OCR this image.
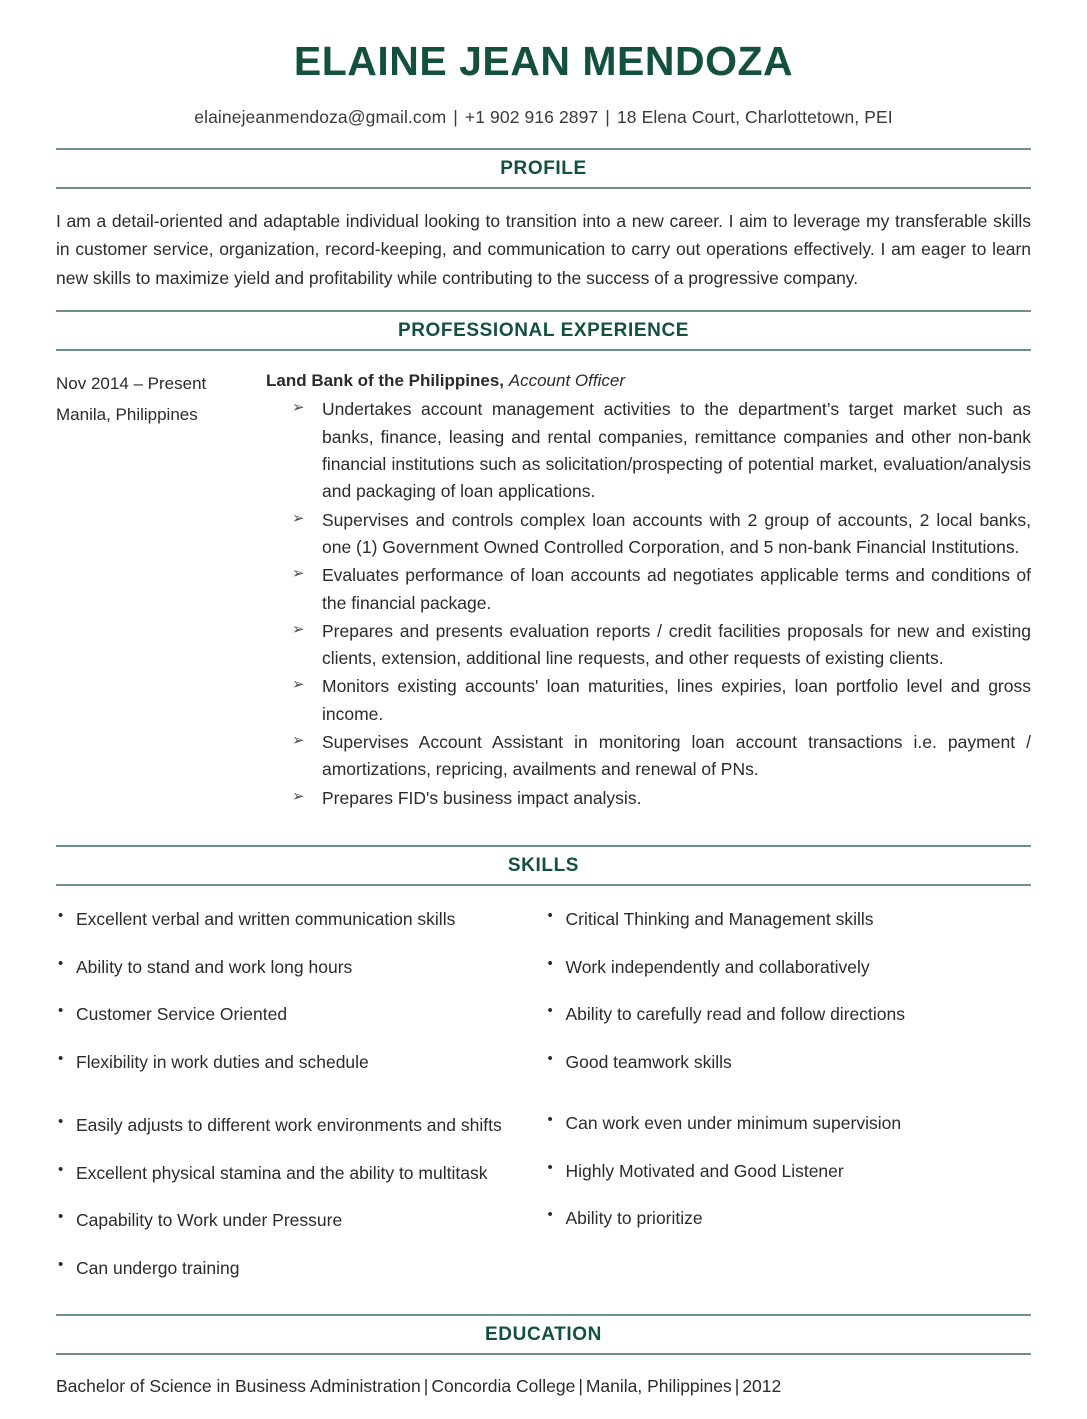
ELAINE JEAN MENDOZA
elainejeanmendoza@gmail.com | +1 902 916 2897 | 18 Elena Court, Charlottetown, PEI
PROFILE

I am a detail-oriented and adaptable individual looking to transition into a new career. I aim to leverage my transferable skills in customer service, organization, record-keeping, and communication to carry out operations effectively. I am eager to learn new skills to maximize yield and profitability while contributing to the success of a progressive company.

PROFESSIONAL EXPERIENCE
Nov 2014 – Present
Manila, Philippines
Land Bank of the Philippines, Account Officer
➢ Undertakes account management activities to the department’s target market such as banks, finance, leasing and rental companies, remittance companies and other non-bank financial institutions such as solicitation/prospecting of potential market, evaluation/analysis and packaging of loan applications.
➢ Supervises and controls complex loan accounts with 2 group of accounts, 2 local banks, one (1) Government Owned Controlled Corporation, and 5 non-bank Financial Institutions.
➢ Evaluates performance of loan accounts ad negotiates applicable terms and conditions of the financial package.
➢ Prepares and presents evaluation reports / credit facilities proposals for new and existing clients, extension, additional line requests, and other requests of existing clients.
➢ Monitors existing accounts' loan maturities, lines expiries, loan portfolio level and gross income.
➢ Supervises Account Assistant in monitoring loan account transactions i.e. payment / amortizations, repricing, availments and renewal of PNs.
➢ Prepares FID's business impact analysis.
SKILLS
• Excellent verbal and written communication skills
• Ability to stand and work long hours
• Customer Service Oriented
• Flexibility in work duties and schedule
• Easily adjusts to different work environments and shifts
• Excellent physical stamina and the ability to multitask
• Capability to Work under Pressure
• Can undergo training
• Critical Thinking and Management skills
• Work independently and collaboratively
• Ability to carefully read and follow directions
• Good teamwork skills
• Can work even under minimum supervision
• Highly Motivated and Good Listener
• Ability to prioritize
EDUCATION
Bachelor of Science in Business Administration | Concordia College | Manila, Philippines | 2012
